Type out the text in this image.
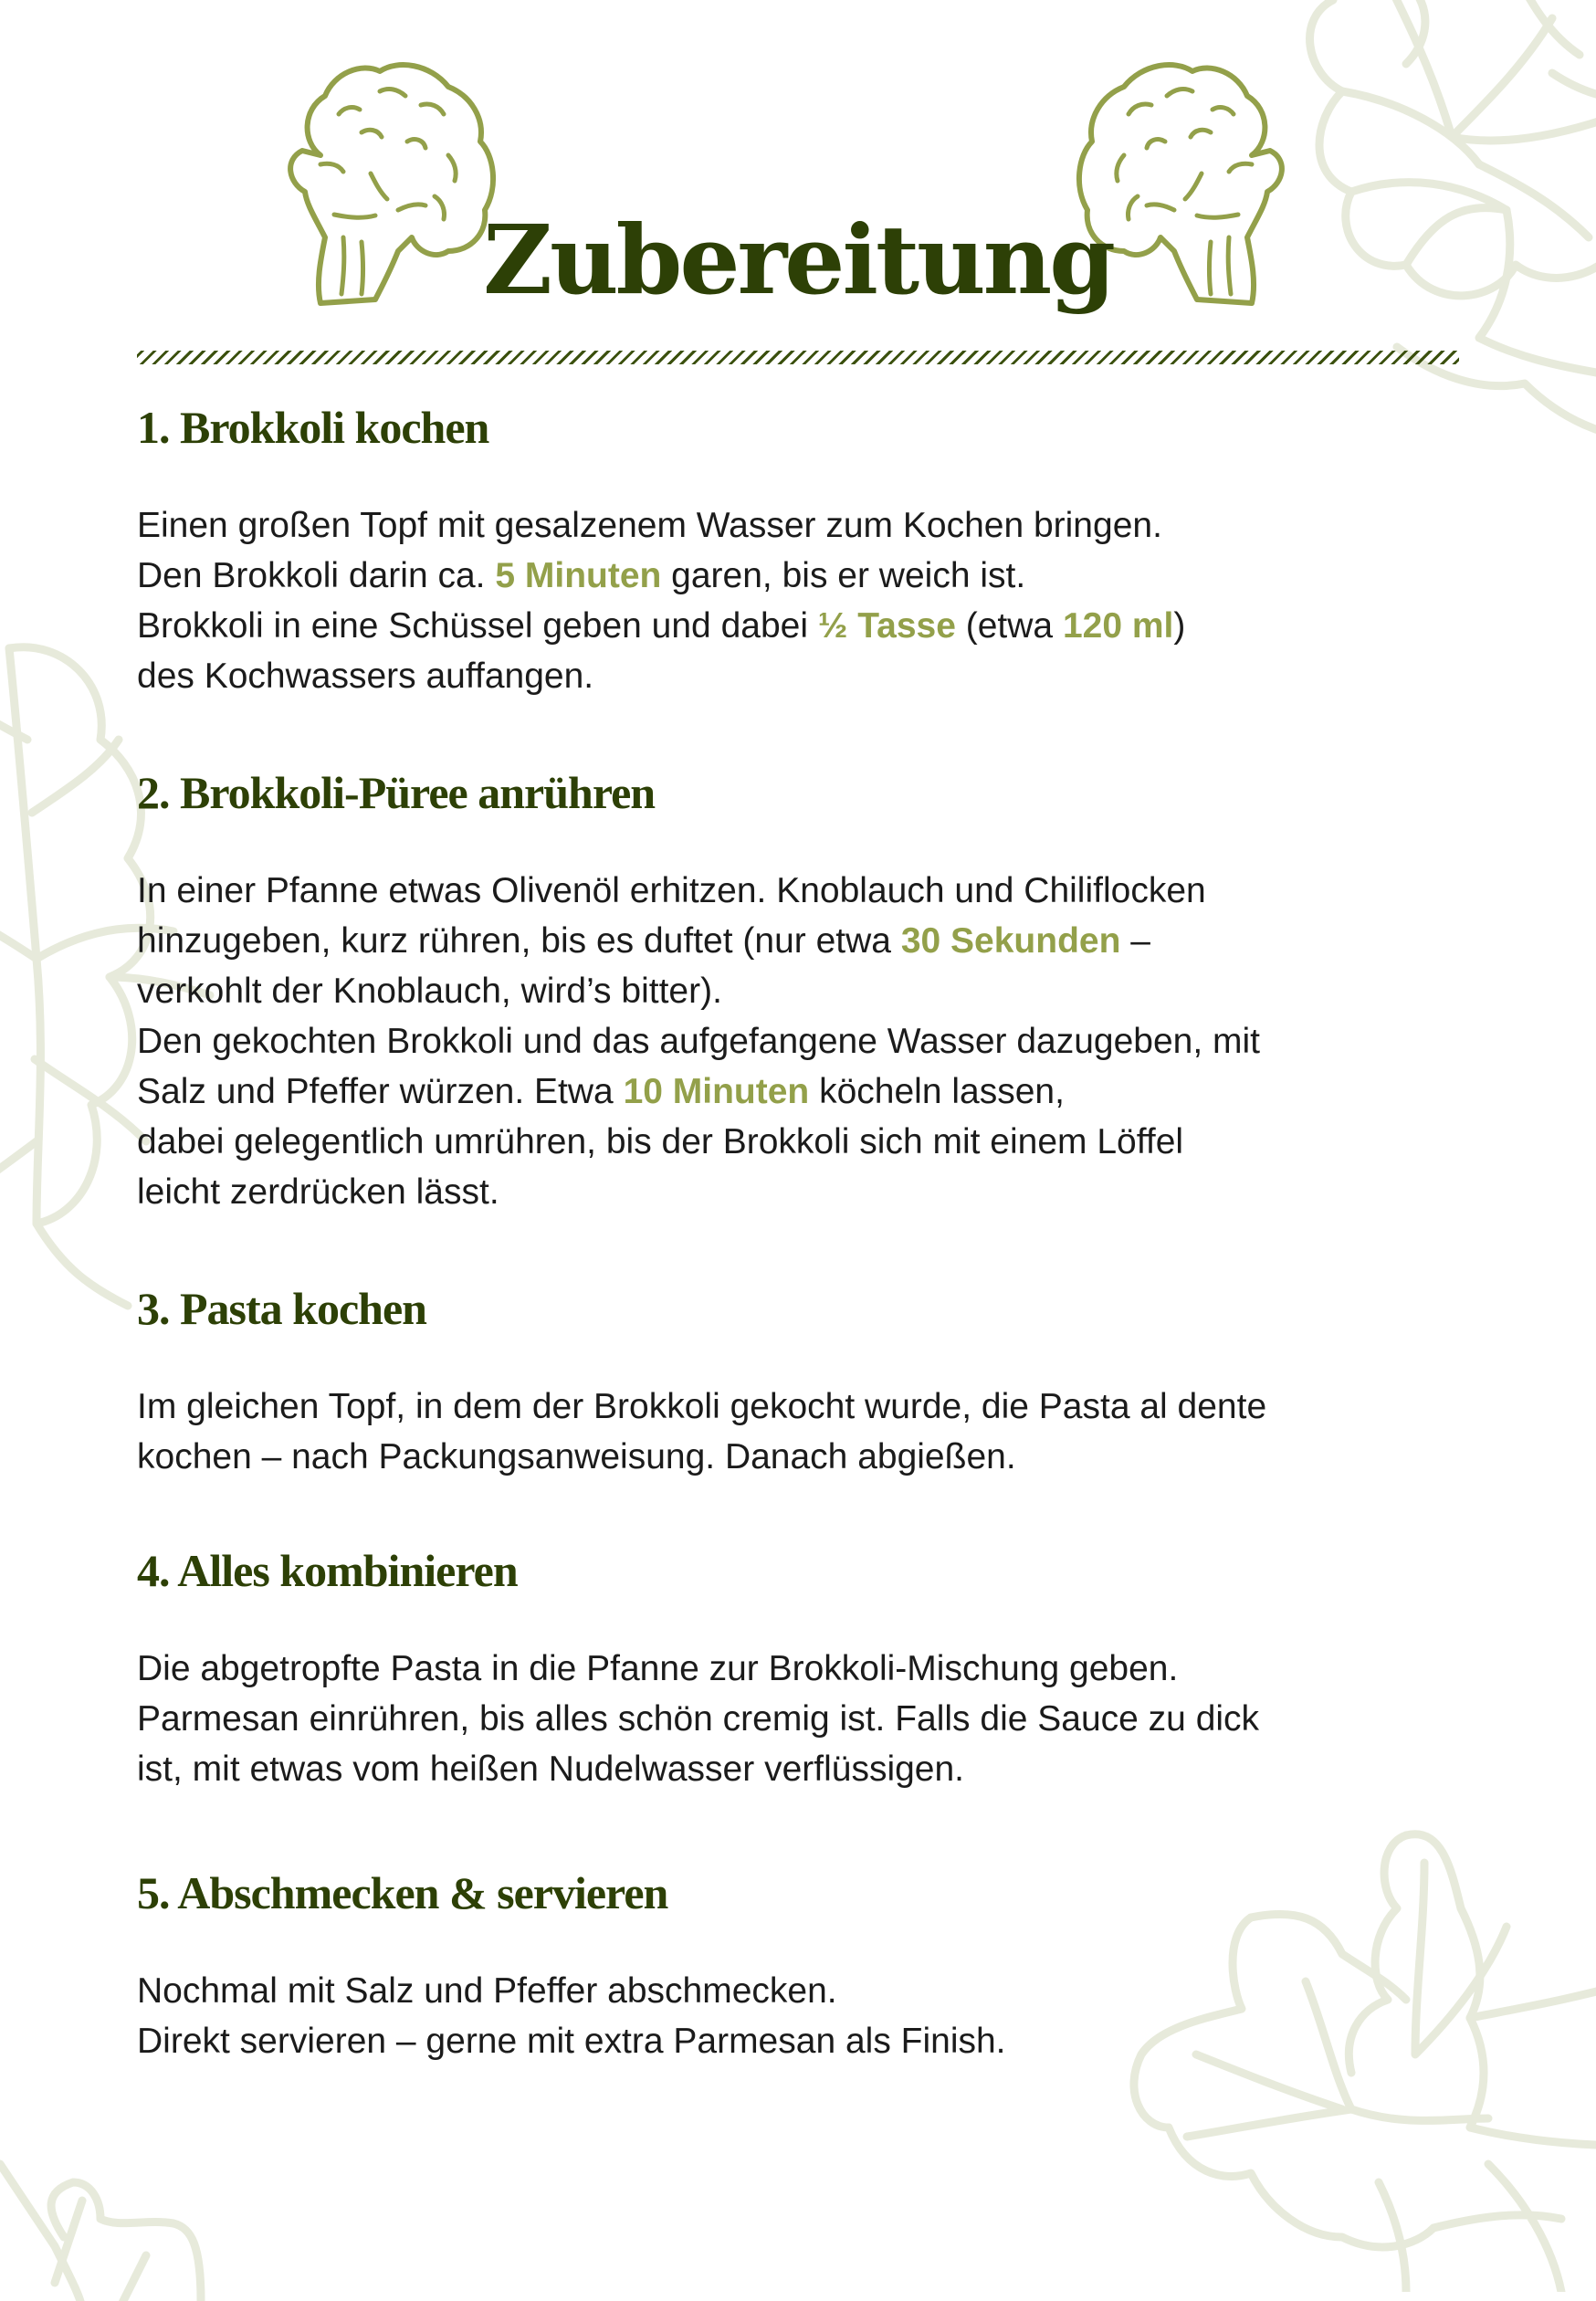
Zubereitung
1. Brokkoli kochen

Einen großen Topf mit gesalzenem Wasser zum Kochen bringen.
Den Brokkoli darin ca. 5 Minuten garen, bis er weich ist.
Brokkoli in eine Schüssel geben und dabei ½ Tasse (etwa 120 ml)
des Kochwassers auffangen.

2. Brokkoli-Püree anrühren

In einer Pfanne etwas Olivenöl erhitzen. Knoblauch und Chiliflocken
hinzugeben, kurz rühren, bis es duftet (nur etwa 30 Sekunden –
verkohlt der Knoblauch, wird’s bitter).
Den gekochten Brokkoli und das aufgefangene Wasser dazugeben, mit
Salz und Pfeffer würzen. Etwa 10 Minuten köcheln lassen,
dabei gelegentlich umrühren, bis der Brokkoli sich mit einem Löffel
leicht zerdrücken lässt.

3. Pasta kochen

Im gleichen Topf, in dem der Brokkoli gekocht wurde, die Pasta al dente
kochen – nach Packungsanweisung. Danach abgießen.

4. Alles kombinieren

Die abgetropfte Pasta in die Pfanne zur Brokkoli-Mischung geben.
Parmesan einrühren, bis alles schön cremig ist. Falls die Sauce zu dick
ist, mit etwas vom heißen Nudelwasser verflüssigen.

5. Abschmecken & servieren

Nochmal mit Salz und Pfeffer abschmecken.
Direkt servieren – gerne mit extra Parmesan als Finish.
